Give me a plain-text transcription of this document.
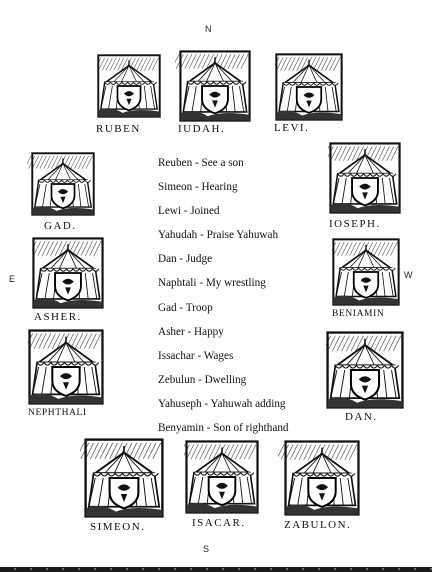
N
S
E	W
RUBEN	IUDAH.	LEVI.
GAD.	IOSEPH.
ASHER.	BENIAMIN
NEPHTHALI	DAN.
SIMEON.	ISACAR.	ZABULON.
Reuben - See a son
Simeon - Hearing
Lewi - Joined
Yahudah - Praise Yahuwah
Dan - Judge
Naphtali - My wrestling
Gad - Troop
Asher - Happy
Issachar - Wages
Zebulun - Dwelling
Yahuseph - Yahuwah adding
Benyamin - Son of righthand
